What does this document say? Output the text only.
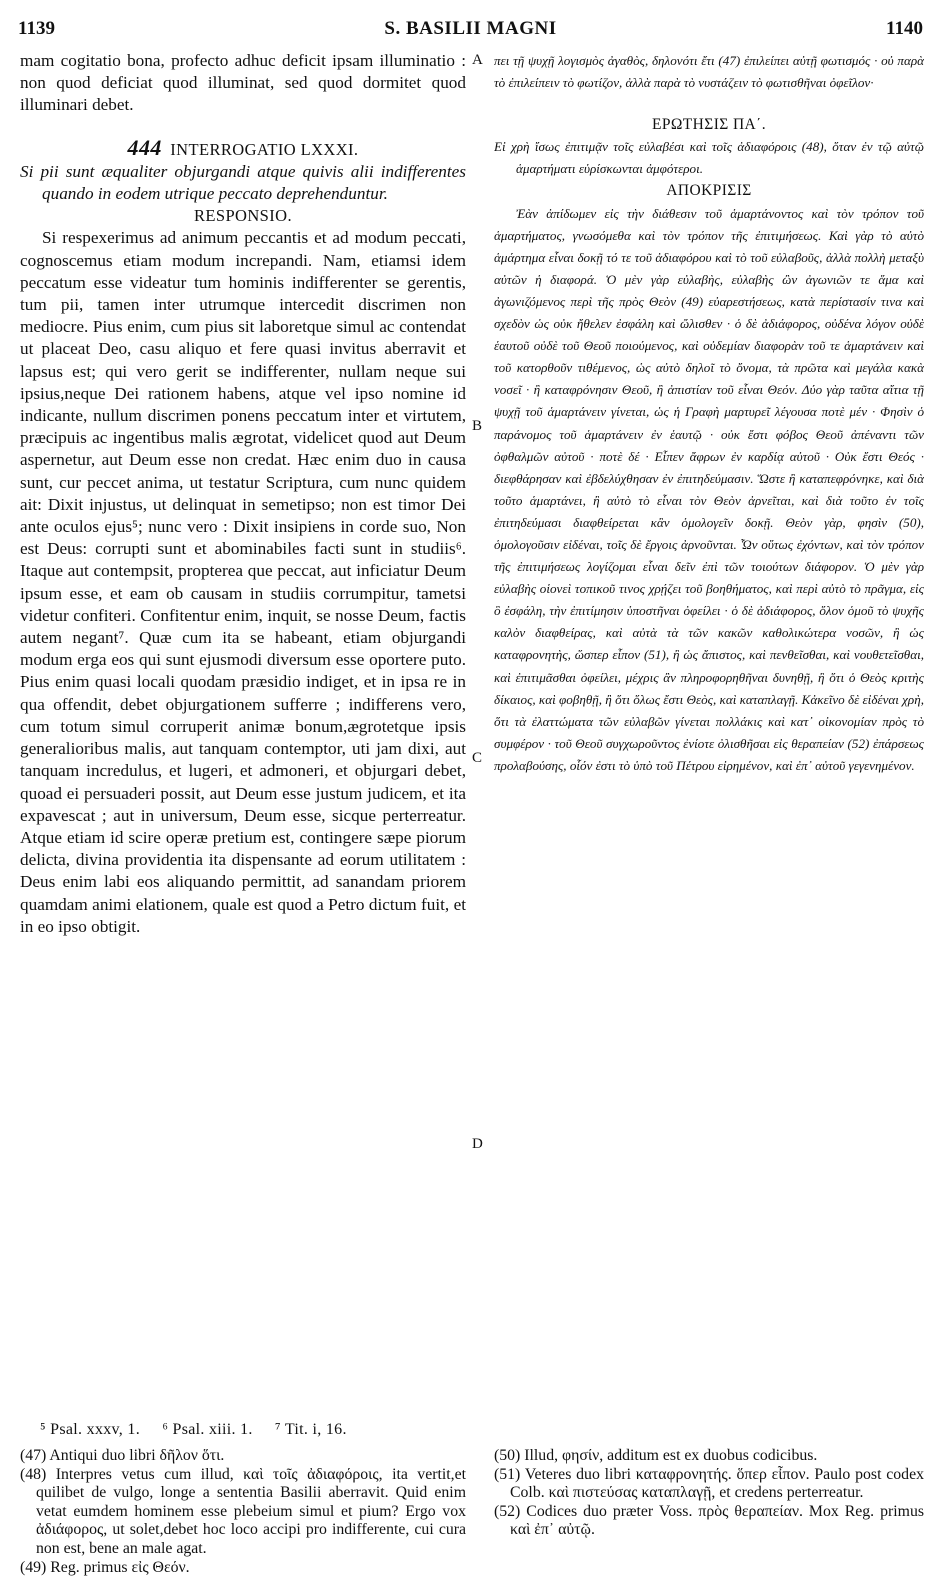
1139	S. BASILII MAGNI	1140
A
B
C
D

mam cogitatio bona, profecto adhuc deficit ipsam illuminatio : non quod deficiat quod illuminat, sed quod dormitet quod illuminari debet.

444 INTERROGATIO LXXXI.

Si pii sunt æqualiter objurgandi atque quivis alii indifferentes quando in eodem utrique peccato deprehenduntur.

RESPONSIO.

Si respexerimus ad animum peccantis et ad modum peccati, cognoscemus etiam modum increpandi. Nam, etiamsi idem peccatum esse videatur tum hominis indifferenter se gerentis, tum pii, tamen inter utrumque intercedit discrimen non mediocre. Pius enim, cum pius sit laboretque simul ac contendat ut placeat Deo, casu aliquo et fere quasi invitus aberravit et lapsus est; qui vero gerit se indifferenter, nullam neque sui ipsius,neque Dei rationem habens, atque vel ipso nomine id indicante, nullum discrimen ponens peccatum inter et virtutem, præcipuis ac ingentibus malis ægrotat, videlicet quod aut Deum aspernetur, aut Deum esse non credat. Hæc enim duo in causa sunt, cur peccet anima, ut testatur Scriptura, cum nunc quidem ait: Dixit injustus, ut delinquat in semetipso; non est timor Dei ante oculos ejus⁵; nunc vero : Dixit insipiens in corde suo, Non est Deus: corrupti sunt et abominabiles facti sunt in studiis⁶. Itaque aut contempsit, propterea que peccat, aut inficiatur Deum ipsum esse, et eam ob causam in studiis corrumpitur, tametsi videtur confiteri. Confitentur enim, inquit, se nosse Deum, factis autem negant⁷. Quæ cum ita se habeant, etiam objurgandi modum erga eos qui sunt ejusmodi diversum esse oportere puto. Pius enim quasi locali quodam præsidio indiget, et in ipsa re in qua offendit, debet objurgationem sufferre ; indifferens vero, cum totum simul corruperit animæ bonum,ægrotetque ipsis generalioribus malis, aut tanquam contemptor, uti jam dixi, aut tanquam incredulus, et lugeri, et admoneri, et objurgari debet, quoad ei persuaderi possit, aut Deum esse justum judicem, et ita expavescat ; aut in universum, Deum esse, sicque perterreatur. Atque etiam id scire operæ pretium est, contingere sæpe piorum delicta, divina providentia ita dispensante ad eorum utilitatem : Deus enim labi eos aliquando permittit, ad sanandam priorem quamdam animi elationem, quale est quod a Petro dictum fuit, et in eo ipso obtigit.

πει τῇ ψυχῇ λογισμὸς ἀγαθὸς, δηλονότι ἔτι (47) ἐπιλείπει αὐτῇ φωτισμός · οὐ παρὰ τὸ ἐπιλείπειν τὸ φωτίζον, ἀλλὰ παρὰ τὸ νυστάζειν τὸ φωτισθῆναι ὀφεῖλον·

ΕΡΩΤΗΣΙΣ ΠΑ΄.

Εἰ χρὴ ἴσως ἐπιτιμᾷν τοῖς εὐλαβέσι καὶ τοῖς ἀδιαφόροις (48), ὅταν ἐν τῷ αὐτῷ ἁμαρτήματι εὑρίσκωνται ἀμφότεροι.

ΑΠΟΚΡΙΣΙΣ

Ἐὰν ἀπίδωμεν εἰς τὴν διάθεσιν τοῦ ἁμαρτάνοντος καὶ τὸν τρόπον τοῦ ἁμαρτήματος, γνωσόμεθα καὶ τὸν τρόπον τῆς ἐπιτιμήσεως. Καὶ γὰρ τὸ αὐτὸ ἁμάρτημα εἶναι δοκῇ τό τε τοῦ ἀδιαφόρου καὶ τὸ τοῦ εὐλαβοῦς, ἀλλὰ πολλὴ μεταξὺ αὐτῶν ἡ διαφορά. Ὁ μὲν γὰρ εὐλαβὴς, εὐλαβὴς ὢν ἀγωνιῶν τε ἅμα καὶ ἀγωνιζόμενος περὶ τῆς πρὸς Θεὸν (49) εὐαρεστήσεως, κατὰ περίστασίν τινα καὶ σχεδὸν ὡς οὐκ ἤθελεν ἐσφάλη καὶ ὤλισθεν · ὁ δὲ ἀδιάφορος, οὐδένα λόγον οὐδὲ ἑαυτοῦ οὐδὲ τοῦ Θεοῦ ποιούμενος, καὶ οὐδεμίαν διαφορὰν τοῦ τε ἁμαρτάνειν καὶ τοῦ κατορθοῦν τιθέμενος, ὡς αὐτὸ δηλοῖ τὸ ὄνομα, τὰ πρῶτα καὶ μεγάλα κακὰ νοσεῖ · ἢ καταφρόνησιν Θεοῦ, ἢ ἀπιστίαν τοῦ εἶναι Θεόν. Δύο γὰρ ταῦτα αἴτια τῇ ψυχῇ τοῦ ἁμαρτάνειν γίνεται, ὡς ἡ Γραφὴ μαρτυρεῖ λέγουσα ποτὲ μέν · Φησὶν ὁ παράνομος τοῦ ἁμαρτάνειν ἐν ἑαυτῷ · οὐκ ἔστι φόβος Θεοῦ ἀπέναντι τῶν ὀφθαλμῶν αὐτοῦ · ποτὲ δέ · Εἶπεν ἄφρων ἐν καρδίᾳ αὐτοῦ · Οὐκ ἔστι Θεός · διεφθάρησαν καὶ ἐβδελύχθησαν ἐν ἐπιτηδεύμασιν. Ὥστε ἢ καταπεφρόνηκε, καὶ διὰ τοῦτο ἁμαρτάνει, ἢ αὐτὸ τὸ εἶναι τὸν Θεὸν ἀρνεῖται, καὶ διὰ τοῦτο ἐν τοῖς ἐπιτηδεύμασι διαφθείρεται κἂν ὁμολογεῖν δοκῇ. Θεὸν γὰρ, φησὶν (50), ὁμολογοῦσιν εἰδέναι, τοῖς δὲ ἔργοις ἀρνοῦνται. Ὧν οὕτως ἐχόντων, καὶ τὸν τρόπον τῆς ἐπιτιμήσεως λογίζομαι εἶναι δεῖν ἐπὶ τῶν τοιούτων διάφορον. Ὁ μὲν γὰρ εὐλαβὴς οἱονεὶ τοπικοῦ τινος χρῄζει τοῦ βοηθήματος, καὶ περὶ αὐτὸ τὸ πρᾶγμα, εἰς ὃ ἐσφάλη, τὴν ἐπιτίμησιν ὑποστῆναι ὀφείλει · ὁ δὲ ἀδιάφορος, ὅλον ὁμοῦ τὸ ψυχῆς καλὸν διαφθείρας, καὶ αὐτὰ τὰ τῶν κακῶν καθολικώτερα νοσῶν, ἢ ὡς καταφρονητὴς, ὥσπερ εἶπον (51), ἢ ὡς ἄπιστος, καὶ πενθεῖσθαι, καὶ νουθετεῖσθαι, καὶ ἐπιτιμᾶσθαι ὀφείλει, μέχρις ἂν πληροφορηθῆναι δυνηθῇ, ἢ ὅτι ὁ Θεὸς κριτὴς δίκαιος, καὶ φοβηθῇ, ἢ ὅτι ὅλως ἔστι Θεὸς, καὶ καταπλαγῇ. Κἀκεῖνο δὲ εἰδέναι χρὴ, ὅτι τὰ ἐλαττώματα τῶν εὐλαβῶν γίνεται πολλάκις καὶ κατ᾽ οἰκονομίαν πρὸς τὸ συμφέρον · τοῦ Θεοῦ συγχωροῦντος ἐνίοτε ὀλισθῆσαι εἰς θεραπείαν (52) ἐπάρσεως προλαβούσης, οἷόν ἐστι τὸ ὑπὸ τοῦ Πέτρου εἰρημένον, καὶ ἐπ᾽ αὐτοῦ γεγενημένον.

⁵ Psal. xxxv, 1. ⁶ Psal. xiii. 1. ⁷ Tit. i, 16.

(47) Antiqui duo libri δῆλον ὅτι.

(48) Interpres vetus cum illud, καὶ τοῖς ἀδιαφόροις, ita vertit,et quilibet de vulgo, longe a sententia Basilii aberravit. Quid enim vetat eumdem hominem esse plebeium simul et pium? Ergo vox ἀδιάφορος, ut solet,debet hoc loco accipi pro indifferente, cui cura non est, bene an male agat.

(49) Reg. primus εἰς Θεόν.

(50) Illud, φησίν, additum est ex duobus codicibus.

(51) Veteres duo libri καταφρονητής. ὅπερ εἶπον. Paulo post codex Colb. καὶ πιστεύσας καταπλαγῇ, et credens perterreatur.

(52) Codices duo præter Voss. πρὸς θεραπείαν. Mox Reg. primus καὶ ἐπ᾽ αὐτῷ.
